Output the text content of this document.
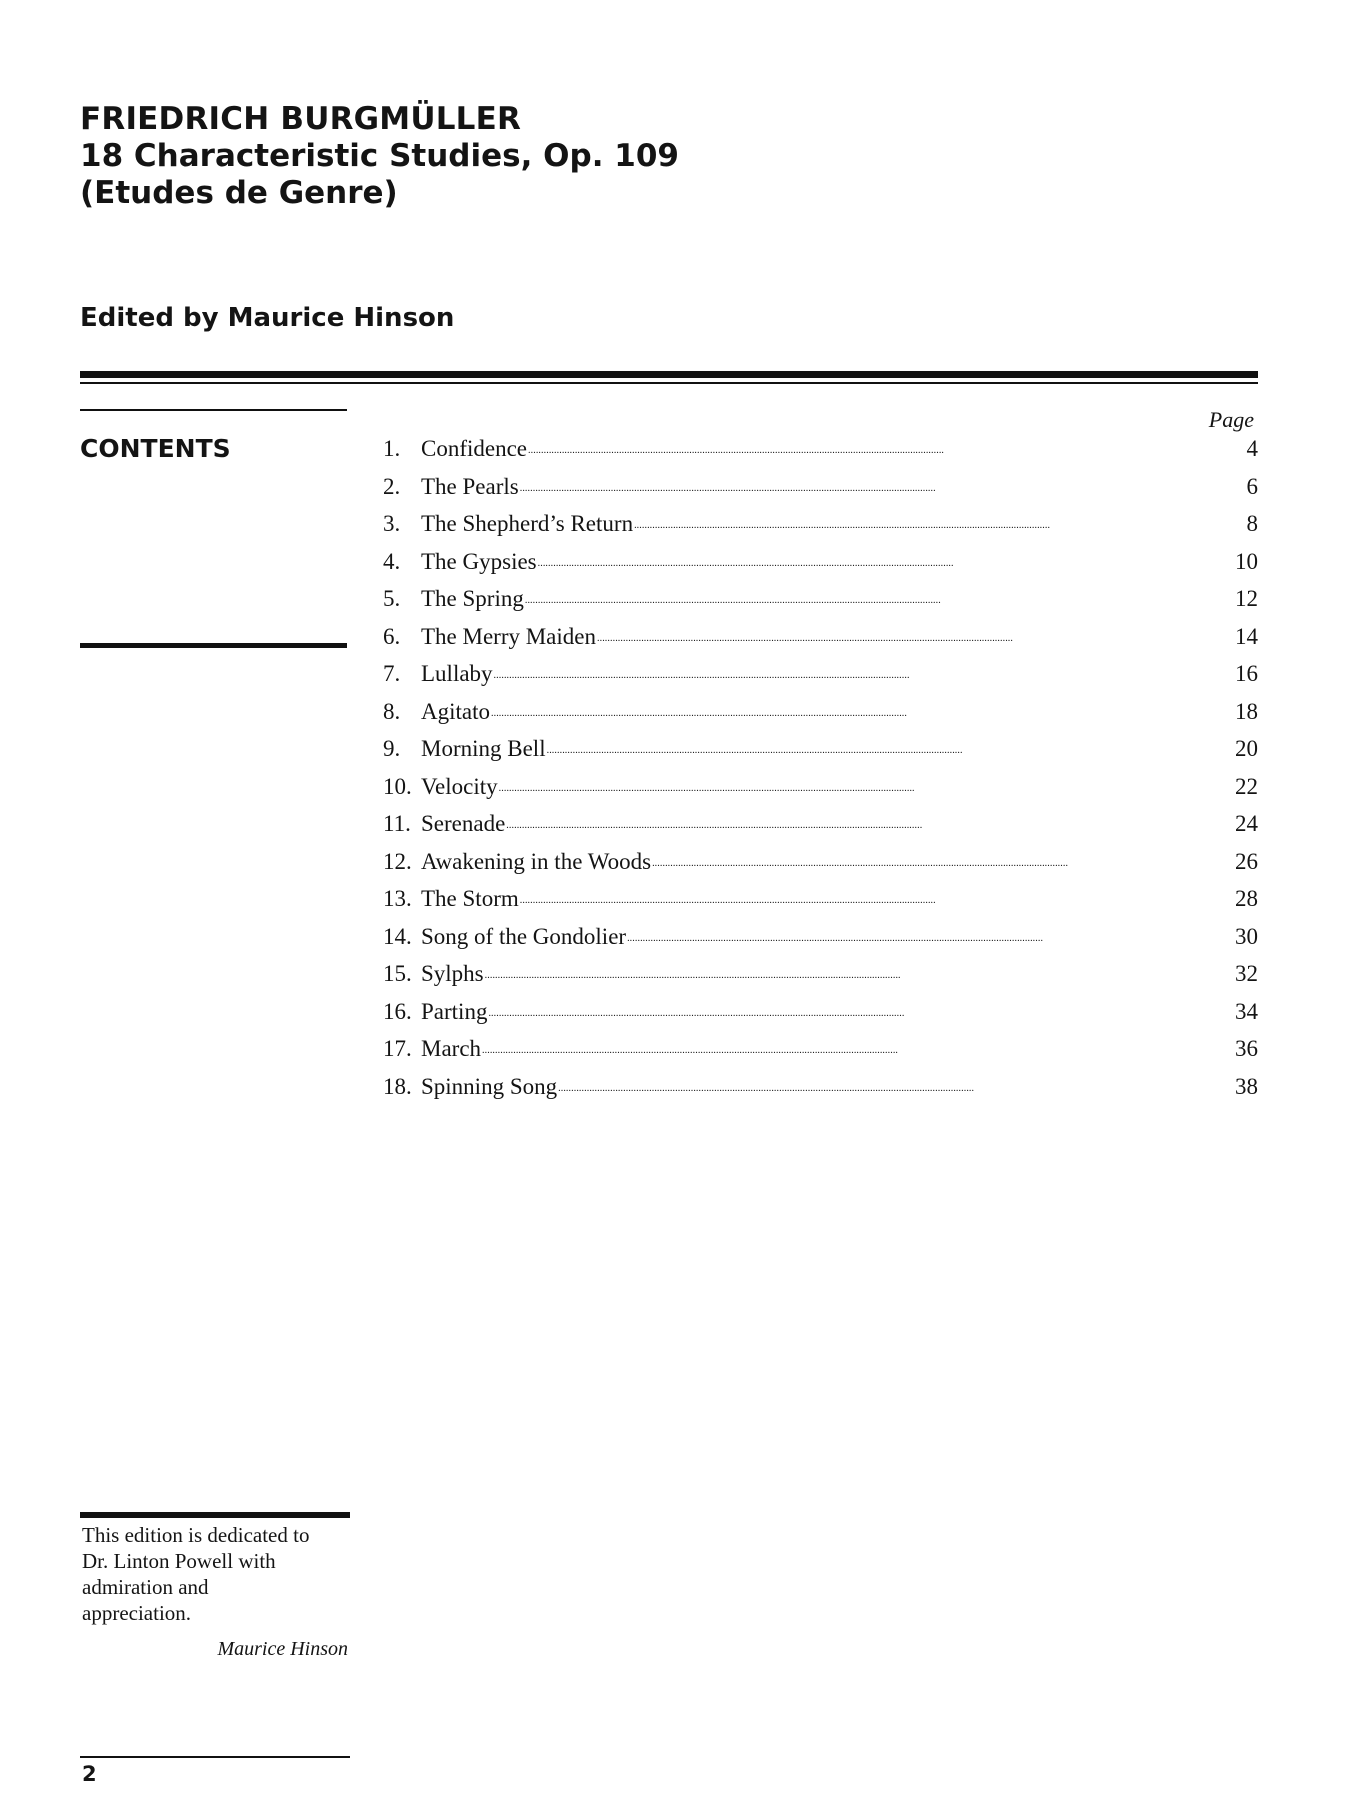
FRIEDRICH BURGMÜLLER
18 Characteristic Studies, Op. 109
(Etudes de Genre)
Edited by Maurice Hinson
CONTENTS
Page
1. Confidence . . .	4
2. The Pearls . . .	6
3. The Shepherd’s Return . . .	8
4. The Gypsies . . .	10
5. The Spring . . .	12
6. The Merry Maiden . . .	14
7. Lullaby . . .	16
8. Agitato . . .	18
9. Morning Bell . . .	20
10. Velocity . . .	22
11. Serenade . . .	24
12. Awakening in the Woods . . .	26
13. The Storm . . .	28
14. Song of the Gondolier . . .	30
15. Sylphs . . .	32
16. Parting . . .	34
17. March . . .	36
18. Spinning Song . . .	38
This edition is dedicated to
Dr. Linton Powell with
admiration and
appreciation.
Maurice Hinson
2
